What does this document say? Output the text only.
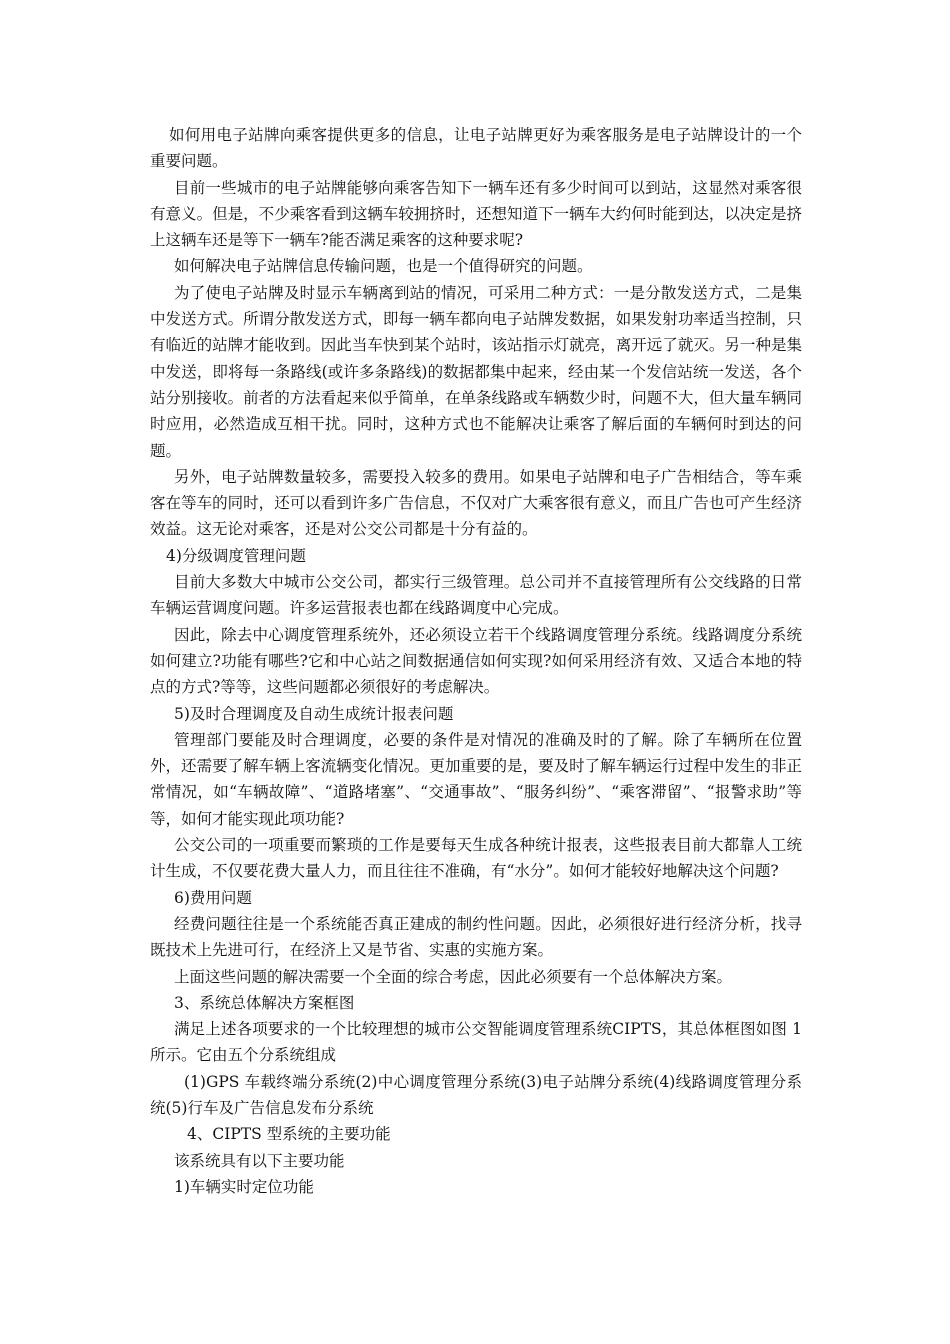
如何用电子站牌向乘客提供更多的信息，让电子站牌更好为乘客服务是电子站牌设计的一个重要问题。

目前一些城市的电子站牌能够向乘客告知下一辆车还有多少时间可以到站，这显然对乘客很有意义。但是，不少乘客看到这辆车较拥挤时，还想知道下一辆车大约何时能到达，以决定是挤上这辆车还是等下一辆车?能否满足乘客的这种要求呢?

如何解决电子站牌信息传输问题，也是一个值得研究的问题。

为了使电子站牌及时显示车辆离到站的情况，可采用二种方式：一是分散发送方式，二是集中发送方式。所谓分散发送方式，即每一辆车都向电子站牌发数据，如果发射功率适当控制，只有临近的站牌才能收到。因此当车快到某个站时，该站指示灯就亮，离开远了就灭。另一种是集中发送，即将每一条路线(或许多条路线)的数据都集中起来，经由某一个发信站统一发送，各个站分别接收。前者的方法看起来似乎简单，在单条线路或车辆数少时，问题不大，但大量车辆同时应用，必然造成互相干扰。同时，这种方式也不能解决让乘客了解后面的车辆何时到达的问题。

另外，电子站牌数量较多，需要投入较多的费用。如果电子站牌和电子广告相结合，等车乘客在等车的同时，还可以看到许多广告信息，不仅对广大乘客很有意义，而且广告也可产生经济效益。这无论对乘客，还是对公交公司都是十分有益的。

4)分级调度管理问题

目前大多数大中城市公交公司，都实行三级管理。总公司并不直接管理所有公交线路的日常车辆运营调度问题。许多运营报表也都在线路调度中心完成。

因此，除去中心调度管理系统外，还必须设立若干个线路调度管理分系统。线路调度分系统如何建立?功能有哪些?它和中心站之间数据通信如何实现?如何采用经济有效、又适合本地的特点的方式?等等，这些问题都必须很好的考虑解决。

5)及时合理调度及自动生成统计报表问题

管理部门要能及时合理调度，必要的条件是对情况的准确及时的了解。除了车辆所在位置外，还需要了解车辆上客流辆变化情况。更加重要的是，要及时了解车辆运行过程中发生的非正常情况，如“车辆故障”、“道路堵塞”、“交通事故”、“服务纠纷”、“乘客滞留”、“报警求助”等等，如何才能实现此项功能?

公交公司的一项重要而繁琐的工作是要每天生成各种统计报表，这些报表目前大都靠人工统计生成，不仅要花费大量人力，而且往往不准确，有“水分”。如何才能较好地解决这个问题?

6)费用问题

经费问题往往是一个系统能否真正建成的制约性问题。因此，必须很好进行经济分析，找寻既技术上先进可行，在经济上又是节省、实惠的实施方案。

上面这些问题的解决需要一个全面的综合考虑，因此必须要有一个总体解决方案。

3、系统总体解决方案框图

满足上述各项要求的一个比较理想的城市公交智能调度管理系统CIPTS，其总体框图如图 1 所示。它由五个分系统组成

(1)GPS 车载终端分系统(2)中心调度管理分系统(3)电子站牌分系统(4)线路调度管理分系统(5)行车及广告信息发布分系统

4、CIPTS 型系统的主要功能

该系统具有以下主要功能

1)车辆实时定位功能
